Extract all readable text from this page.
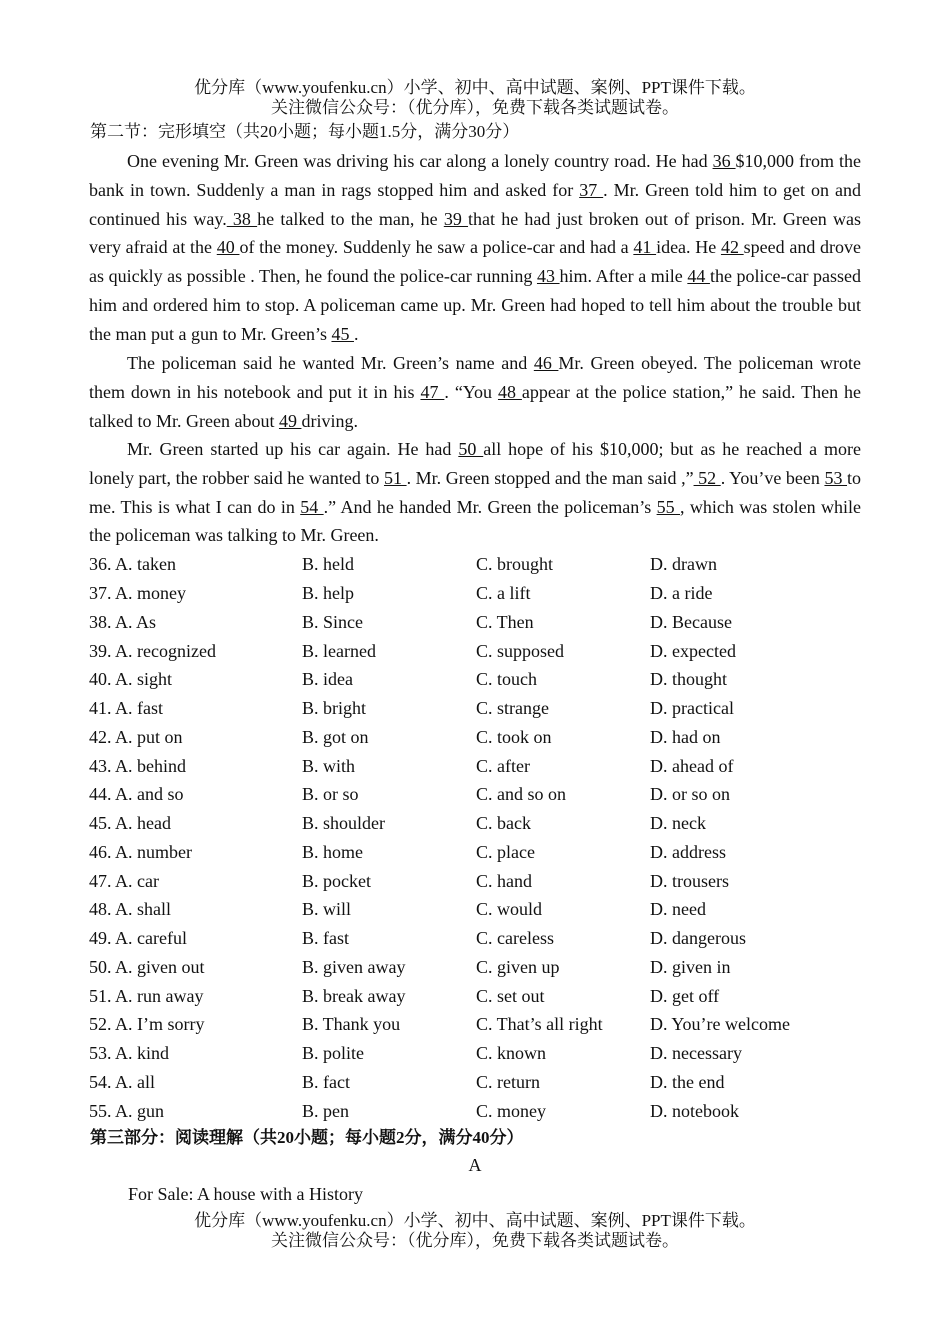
优分库（www.youfenku.cn）小学、初中、高中试题、案例、PPT课件下载。
关注微信公众号：（优分库），免费下载各类试题试卷。
第二节：完形填空（共20小题；每小题1.5分，满分30分）

One evening Mr. Green was driving his car along a lonely country road. He had 36 $10,000 from the bank in town. Suddenly a man in rags stopped him and asked for 37 . Mr. Green told him to get on and continued his way. 38 he talked to the man, he 39 that he had just broken out of prison. Mr. Green was very afraid at the 40 of the money. Suddenly he saw a police-car and had a 41 idea. He 42 speed and drove as quickly as possible . Then, he found the police-car running 43 him. After a mile 44 the police-car passed him and ordered him to stop. A policeman came up. Mr. Green had hoped to tell him about the trouble but the man put a gun to Mr. Green’s 45 .

The policeman said he wanted Mr. Green’s name and 46 Mr. Green obeyed. The policeman wrote them down in his notebook and put it in his 47 . “You 48 appear at the police station,” he said. Then he talked to Mr. Green about 49 driving.

Mr. Green started up his car again. He had 50 all hope of his $10,000; but as he reached a more lonely part, the robber said he wanted to 51 . Mr. Green stopped and the man said ,” 52 . You’ve been 53 to me. This is what I can do in 54 .” And he handed Mr. Green the policeman’s 55 , which was stolen while the policeman was talking to Mr. Green.

36. A. taken	B. held	C. brought	D. drawn
37. A. money	B. help	C. a lift	D. a ride
38. A. As	B. Since	C. Then	D. Because
39. A. recognized	B. learned	C. supposed	D. expected
40. A. sight	B. idea	C. touch	D. thought
41. A. fast	B. bright	C. strange	D. practical
42. A. put on	B. got on	C. took on	D. had on
43. A. behind	B. with	C. after	D. ahead of
44. A. and so	B. or so	C. and so on	D. or so on
45. A. head	B. shoulder	C. back	D. neck
46. A. number	B. home	C. place	D. address
47. A. car	B. pocket	C. hand	D. trousers
48. A. shall	B. will	C. would	D. need
49. A. careful	B. fast	C. careless	D. dangerous
50. A. given out	B. given away	C. given up	D. given in
51. A. run away	B. break away	C. set out	D. get off
52. A. I’m sorry	B. Thank you	C. That’s all right	D. You’re welcome
53. A. kind	B. polite	C. known	D. necessary
54. A. all	B. fact	C. return	D. the end
55. A. gun	B. pen	C. money	D. notebook
第三部分：阅读理解（共20小题；每小题2分，满分40分）
A
For Sale: A house with a History
优分库（www.youfenku.cn）小学、初中、高中试题、案例、PPT课件下载。
关注微信公众号：（优分库），免费下载各类试题试卷。
